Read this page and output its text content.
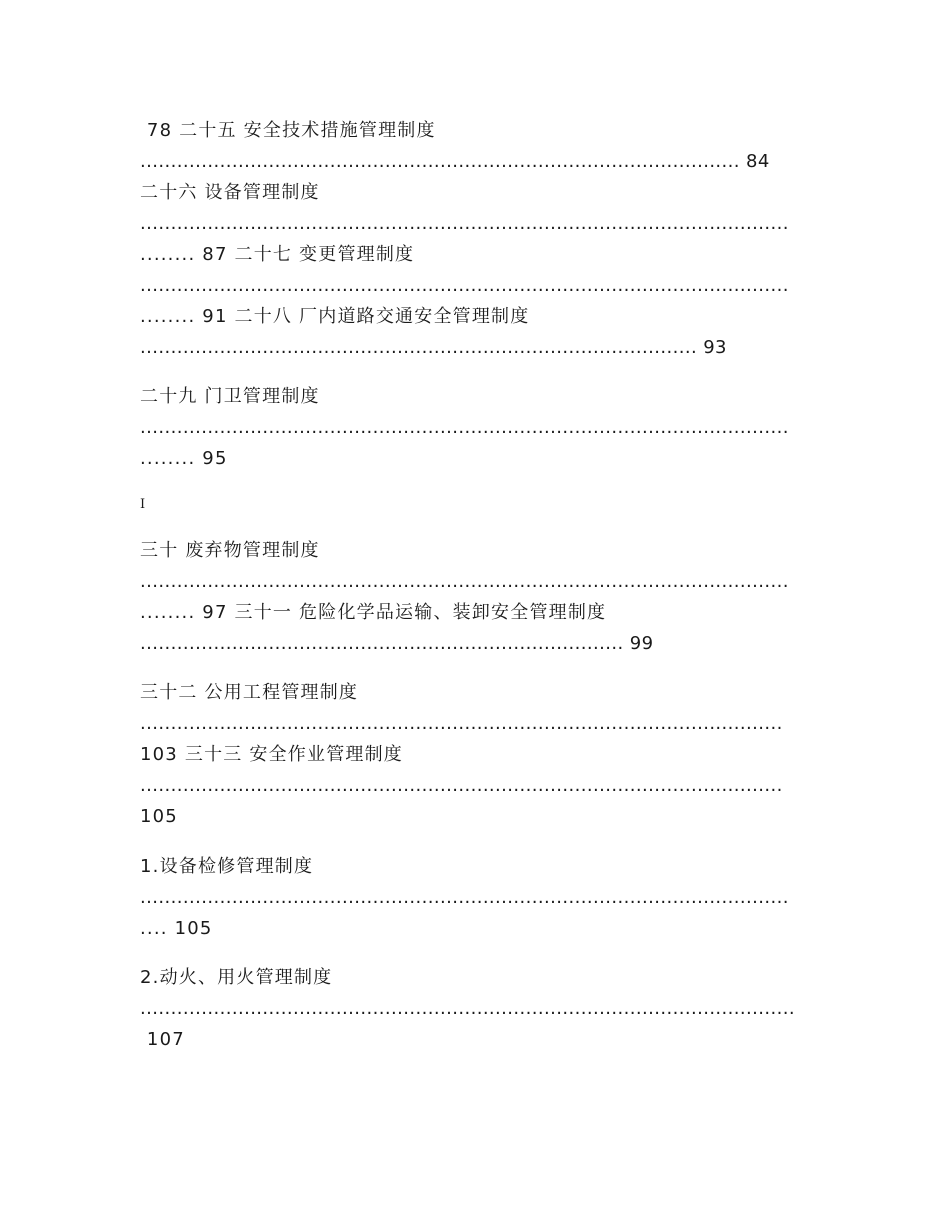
78 二十五 安全技术措施管理制度
.................................................................................................. 84
二十六 设备管理制度
..........................................................................................................
........ 87 二十七 变更管理制度
..........................................................................................................
........ 91 二十八 厂内道路交通安全管理制度
........................................................................................... 93
二十九 门卫管理制度
..........................................................................................................
........ 95
I
三十 废弃物管理制度
..........................................................................................................
........ 97 三十一 危险化学品运输、装卸安全管理制度
............................................................................... 99
三十二 公用工程管理制度
.........................................................................................................
103 三十三 安全作业管理制度
.........................................................................................................
105
1.设备检修管理制度
..........................................................................................................
.... 105
2.动火、用火管理制度
...........................................................................................................
107
